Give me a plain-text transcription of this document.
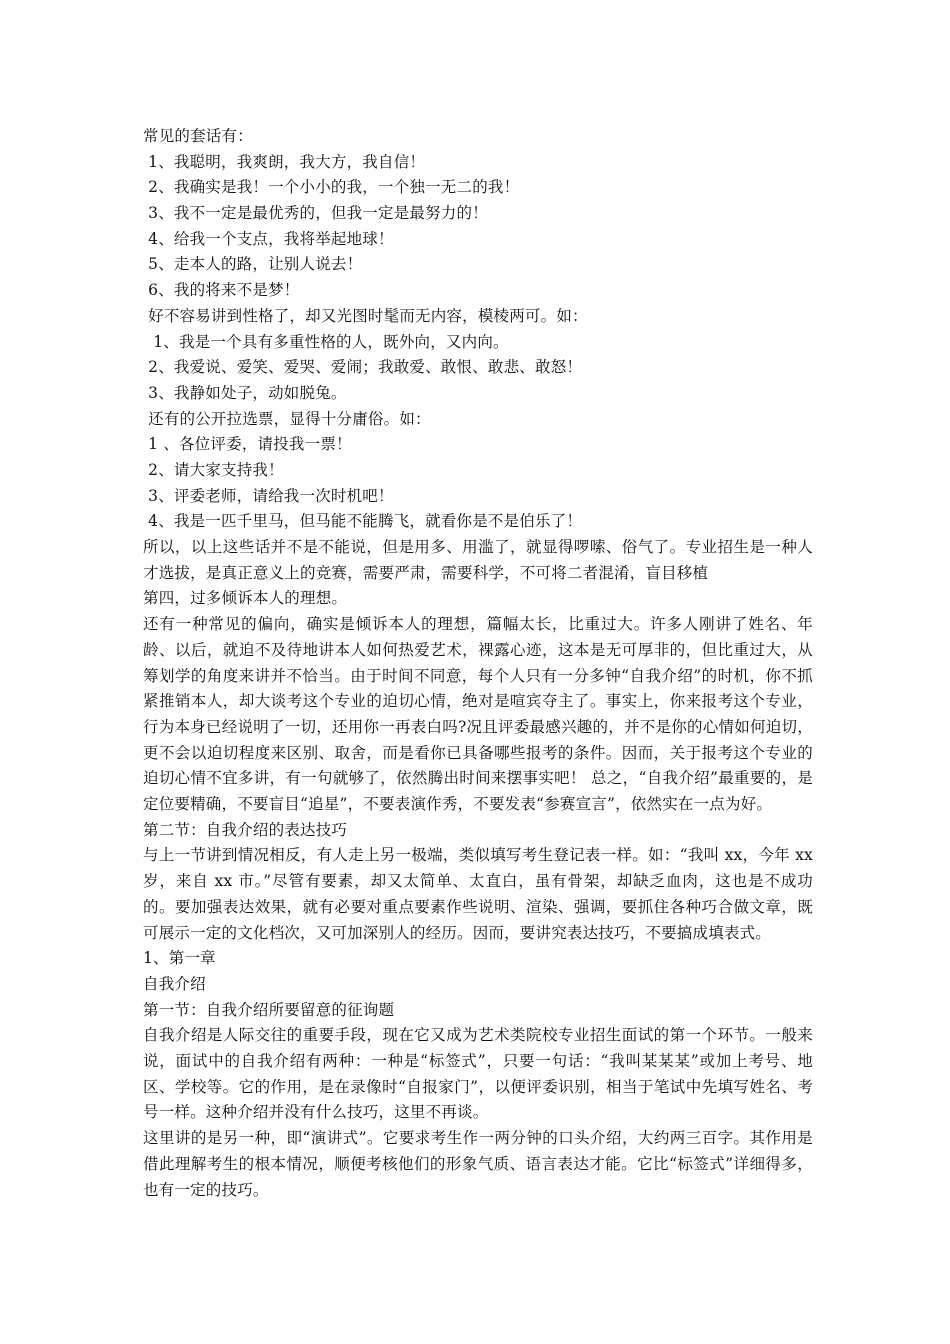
常见的套话有：
1、我聪明，我爽朗，我大方，我自信！
2、我确实是我！一个小小的我，一个独一无二的我！
3、我不一定是最优秀的，但我一定是最努力的！
4、给我一个支点，我将举起地球！
5、走本人的路，让别人说去！
6、我的将来不是梦！
好不容易讲到性格了，却又光图时髦而无内容，模棱两可。如：
1、我是一个具有多重性格的人，既外向，又内向。
2、我爱说、爱笑、爱哭、爱闹；我敢爱、敢恨、敢悲、敢怒！
3、我静如处子，动如脱兔。
还有的公开拉选票，显得十分庸俗。如：
1 、各位评委，请投我一票！
2、请大家支持我！
3、评委老师，请给我一次时机吧！
4、我是一匹千里马，但马能不能腾飞，就看你是不是伯乐了！
所以，以上这些话并不是不能说，但是用多、用滥了，就显得啰嗦、俗气了。专业招生是一种人才选拔，是真正意义上的竞赛，需要严肃，需要科学，不可将二者混淆，盲目移植
第四，过多倾诉本人的理想。
还有一种常见的偏向，确实是倾诉本人的理想，篇幅太长，比重过大。许多人刚讲了姓名、年龄、以后，就迫不及待地讲本人如何热爱艺术，裸露心迹，这本是无可厚非的，但比重过大，从筹划学的角度来讲并不恰当。由于时间不同意，每个人只有一分多钟“自我介绍”的时机，你不抓紧推销本人，却大谈考这个专业的迫切心情，绝对是喧宾夺主了。事实上，你来报考这个专业，行为本身已经说明了一切，还用你一再表白吗?况且评委最感兴趣的，并不是你的心情如何迫切，更不会以迫切程度来区别、取舍，而是看你已具备哪些报考的条件。因而，关于报考这个专业的迫切心情不宜多讲，有一句就够了，依然腾出时间来摆事实吧！ 总之，“自我介绍”最重要的，是定位要精确，不要盲目“追星”，不要表演作秀，不要发表“参赛宣言”，依然实在一点为好。
第二节：自我介绍的表达技巧
与上一节讲到情况相反，有人走上另一极端，类似填写考生登记表一样。如：“我叫 xx，今年 xx 岁，来自 xx 市。”尽管有要素，却又太简单、太直白，虽有骨架，却缺乏血肉，这也是不成功的。要加强表达效果，就有必要对重点要素作些说明、渲染、强调，要抓住各种巧合做文章，既可展示一定的文化档次，又可加深别人的经历。因而，要讲究表达技巧，不要搞成填表式。
1、第一章
自我介绍
第一节：自我介绍所要留意的征询题
自我介绍是人际交往的重要手段，现在它又成为艺术类院校专业招生面试的第一个环节。一般来说，面试中的自我介绍有两种：一种是“标签式”，只要一句话：“我叫某某某”或加上考号、地区、学校等。它的作用，是在录像时“自报家门”，以便评委识别，相当于笔试中先填写姓名、考号一样。这种介绍并没有什么技巧，这里不再谈。
这里讲的是另一种，即“演讲式”。它要求考生作一两分钟的口头介绍，大约两三百字。其作用是借此理解考生的根本情况，顺便考核他们的形象气质、语言表达才能。它比“标签式”详细得多，也有一定的技巧。
